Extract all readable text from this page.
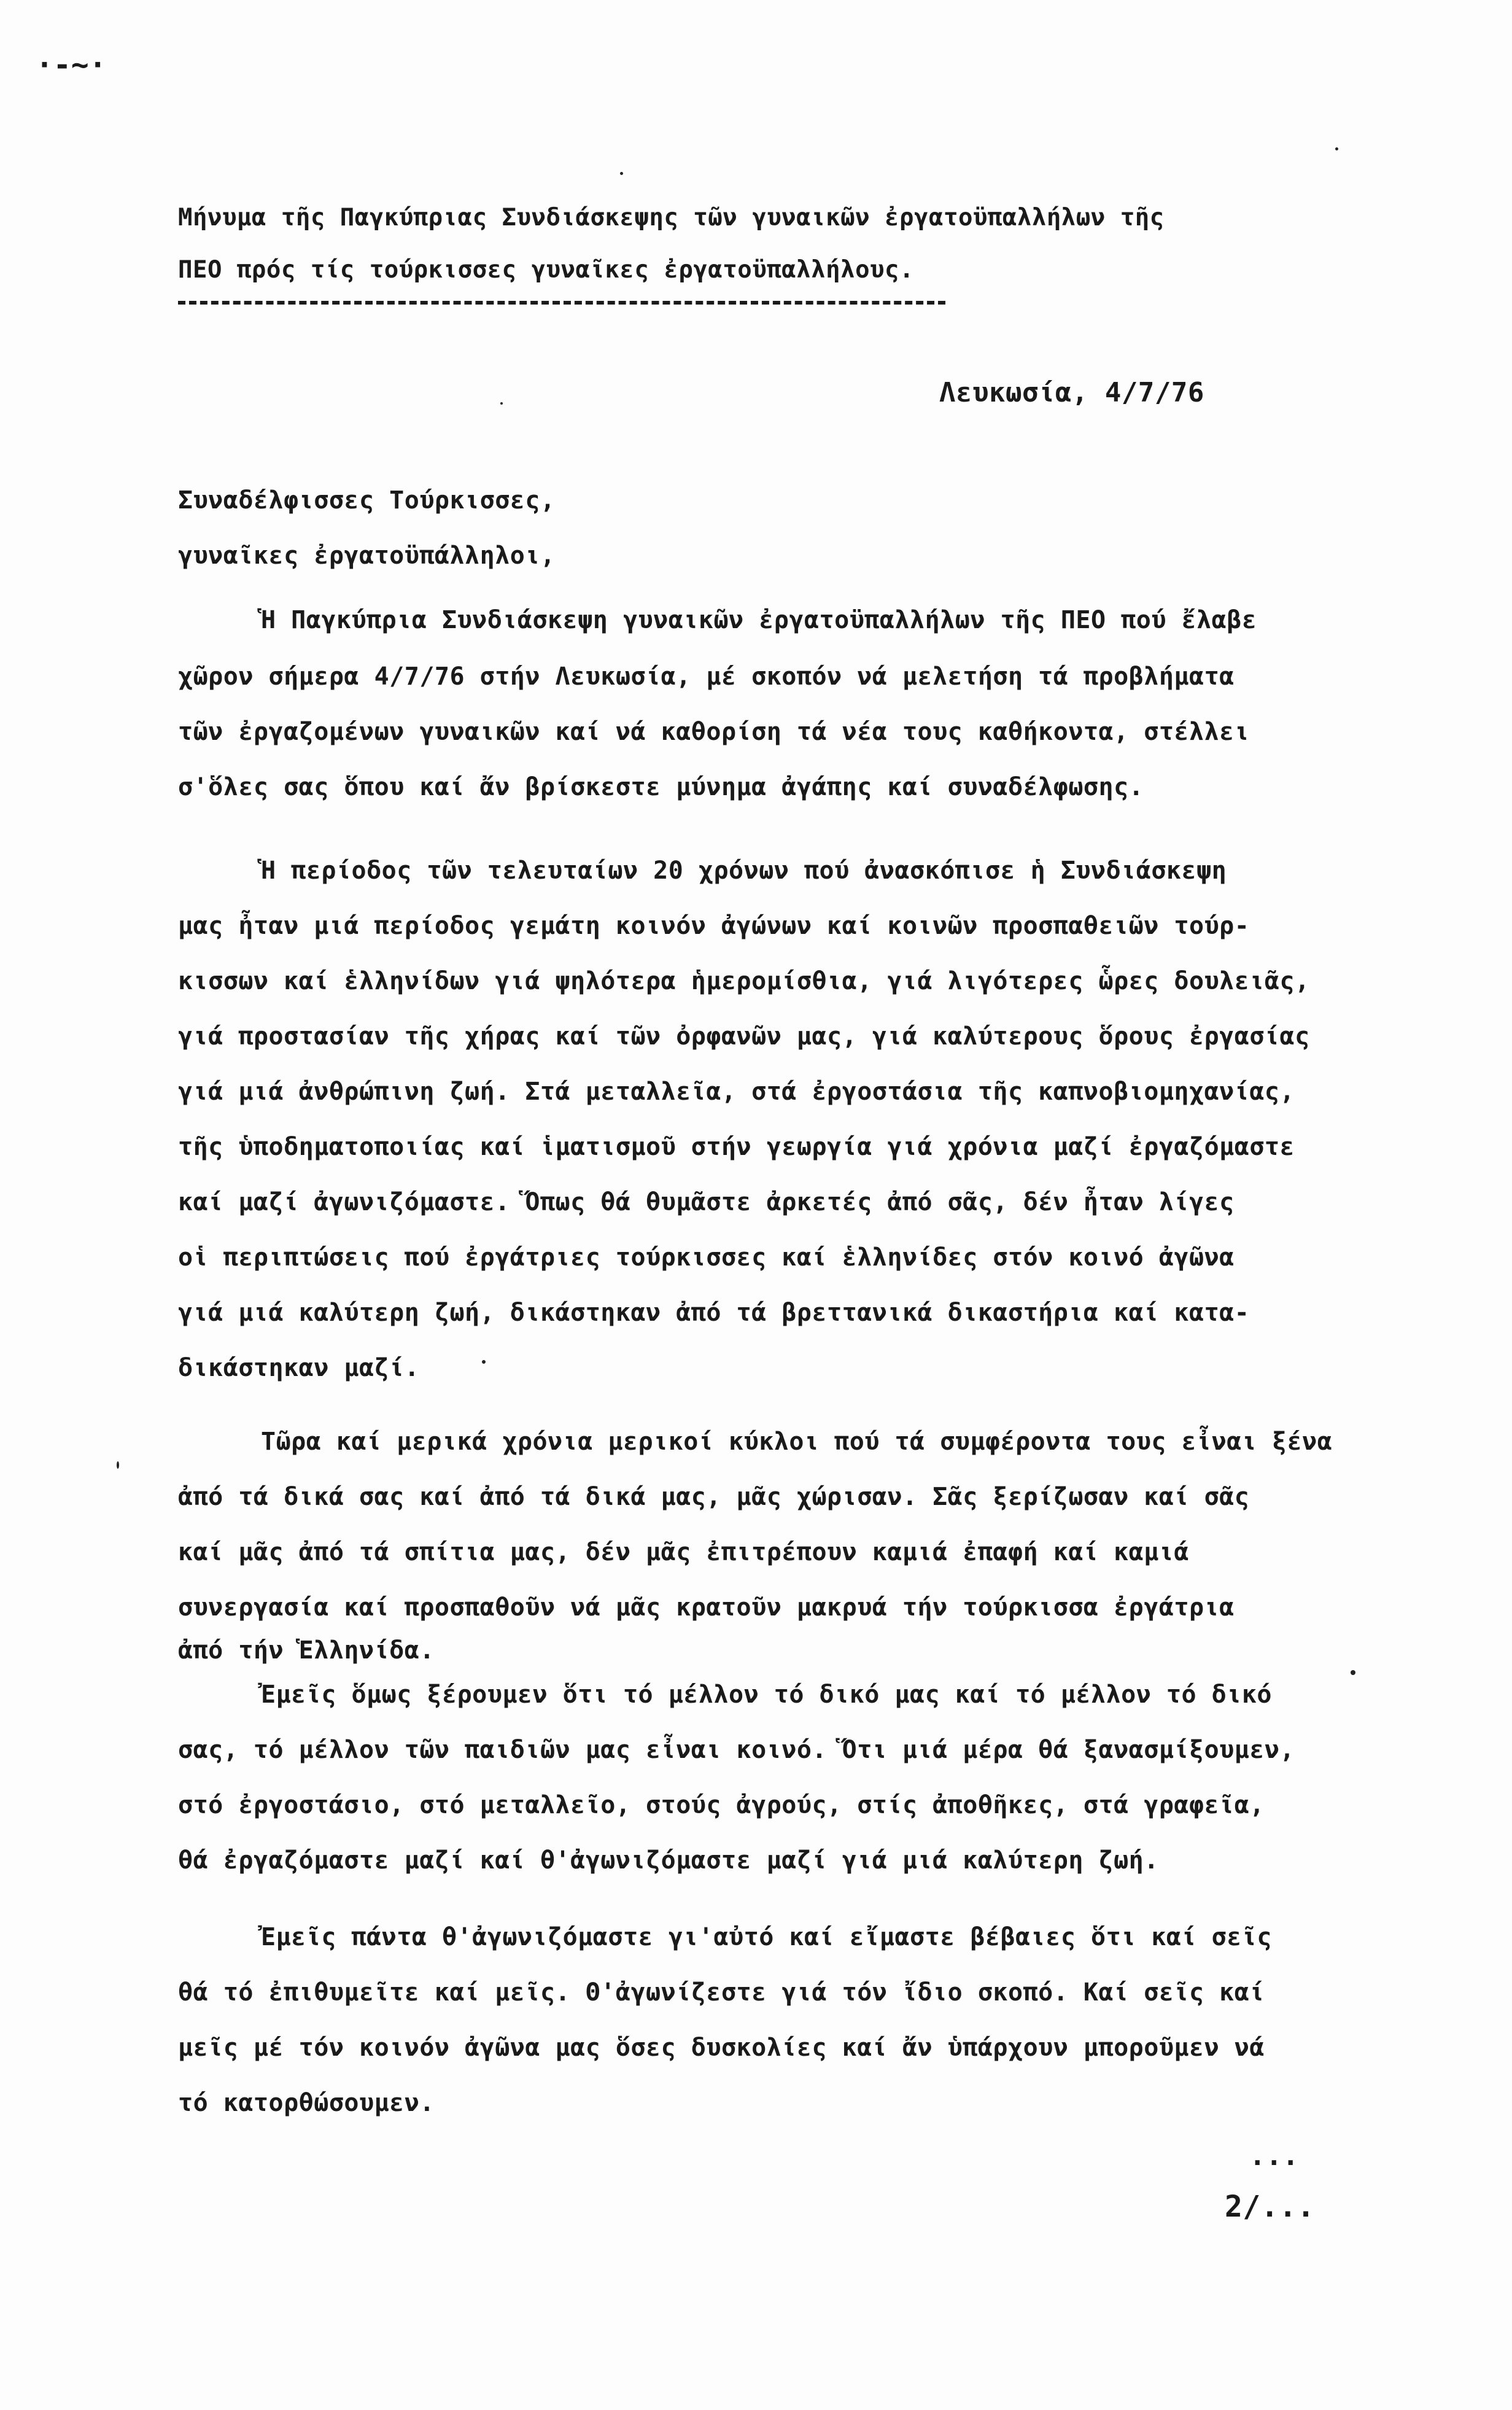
·-~·
Μήνυμα τῆς Παγκύπριας Συνδιάσκεψης τῶν γυναικῶν ἐργατοϋπαλλήλων τῆς
ΠΕΟ πρός τίς τούρκισσες γυναῖκες ἐργατοϋπαλλήλους.
Λευκωσία, 4/7/76
Συναδέλφισσες Τούρκισσες,
γυναῖκες ἐργατοϋπάλληλοι,
Ἡ Παγκύπρια Συνδιάσκεψη γυναικῶν ἐργατοϋπαλλήλων τῆς ΠΕΟ πού ἔλαβε
χῶρον σήμερα 4/7/76 στήν Λευκωσία, μέ σκοπόν νά μελετήση τά προβλήματα
τῶν ἐργαζομένων γυναικῶν καί νά καθορίση τά νέα τους καθήκοντα, στέλλει
σ'ὅλες σας ὅπου καί ἄν βρίσκεστε μύνημα ἀγάπης καί συναδέλφωσης.
Ἡ περίοδος τῶν τελευταίων 20 χρόνων πού ἀνασκόπισε ἡ Συνδιάσκεψη
μας ἦταν μιά περίοδος γεμάτη κοινόν ἀγώνων καί κοινῶν προσπαθειῶν τούρ-
κισσων καί ἑλληνίδων γιά ψηλότερα ἡμερομίσθια, γιά λιγότερες ὧρες δουλειᾶς,
γιά προστασίαν τῆς χήρας καί τῶν ὀρφανῶν μας, γιά καλύτερους ὅρους ἐργασίας
γιά μιά ἀνθρώπινη ζωή. Στά μεταλλεῖα, στά ἐργοστάσια τῆς καπνοβιομηχανίας,
τῆς ὑποδηματοποιίας καί ἱματισμοῦ στήν γεωργία γιά χρόνια μαζί ἐργαζόμαστε
καί μαζί ἀγωνιζόμαστε. Ὅπως θά θυμᾶστε ἀρκετές ἀπό σᾶς, δέν ἦταν λίγες
οἱ περιπτώσεις πού ἐργάτριες τούρκισσες καί ἑλληνίδες στόν κοινό ἀγῶνα
γιά μιά καλύτερη ζωή, δικάστηκαν ἀπό τά βρεττανικά δικαστήρια καί κατα-
δικάστηκαν μαζί.
Τῶρα καί μερικά χρόνια μερικοί κύκλοι πού τά συμφέροντα τους εἶναι ξένα
ἀπό τά δικά σας καί ἀπό τά δικά μας, μᾶς χώρισαν. Σᾶς ξερίζωσαν καί σᾶς
καί μᾶς ἀπό τά σπίτια μας, δέν μᾶς ἐπιτρέπουν καμιά ἐπαφή καί καμιά
συνεργασία καί προσπαθοῦν νά μᾶς κρατοῦν μακρυά τήν τούρκισσα ἐργάτρια
ἀπό τήν Ἑλληνίδα.
Ἐμεῖς ὅμως ξέρουμεν ὅτι τό μέλλον τό δικό μας καί τό μέλλον τό δικό
σας, τό μέλλον τῶν παιδιῶν μας εἶναι κοινό. Ὅτι μιά μέρα θά ξανασμίξουμεν,
στό ἐργοστάσιο, στό μεταλλεῖο, στούς ἀγρούς, στίς ἀποθῆκες, στά γραφεῖα,
θά ἐργαζόμαστε μαζί καί θ'ἀγωνιζόμαστε μαζί γιά μιά καλύτερη ζωή.
Ἐμεῖς πάντα θ'ἀγωνιζόμαστε γι'αὐτό καί εἴμαστε βέβαιες ὅτι καί σεῖς
θά τό ἐπιθυμεῖτε καί μεῖς. Θ'ἀγωνίζεστε γιά τόν ἴδιο σκοπό. Καί σεῖς καί
μεῖς μέ τόν κοινόν ἀγῶνα μας ὅσες δυσκολίες καί ἄν ὑπάρχουν μποροῦμεν νά
τό κατορθώσουμεν.
...
2/...
